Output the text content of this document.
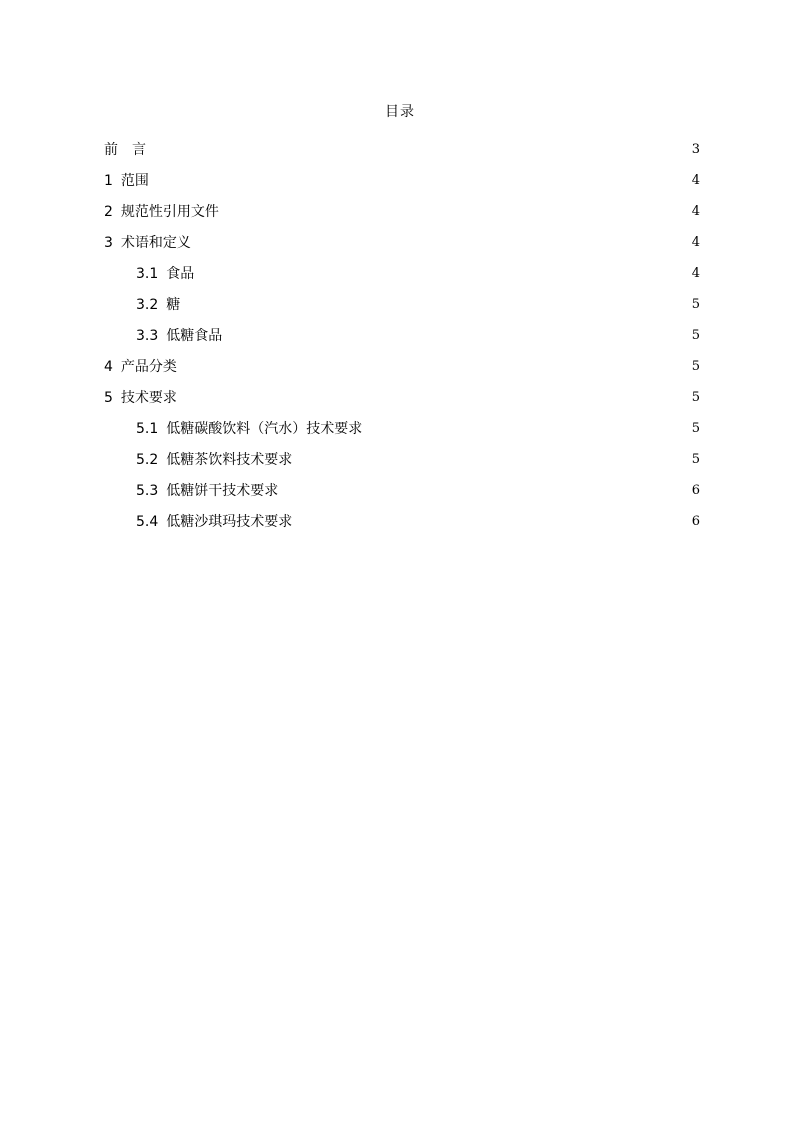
目录
前　言	3
1 范围	4
2 规范性引用文件	4
3 术语和定义	4
3.1 食品	4
3.2 糖	5
3.3 低糖食品	5
4 产品分类	5
5 技术要求	5
5.1 低糖碳酸饮料（汽水）技术要求	5
5.2 低糖茶饮料技术要求	5
5.3 低糖饼干技术要求	6
5.4 低糖沙琪玛技术要求	6
